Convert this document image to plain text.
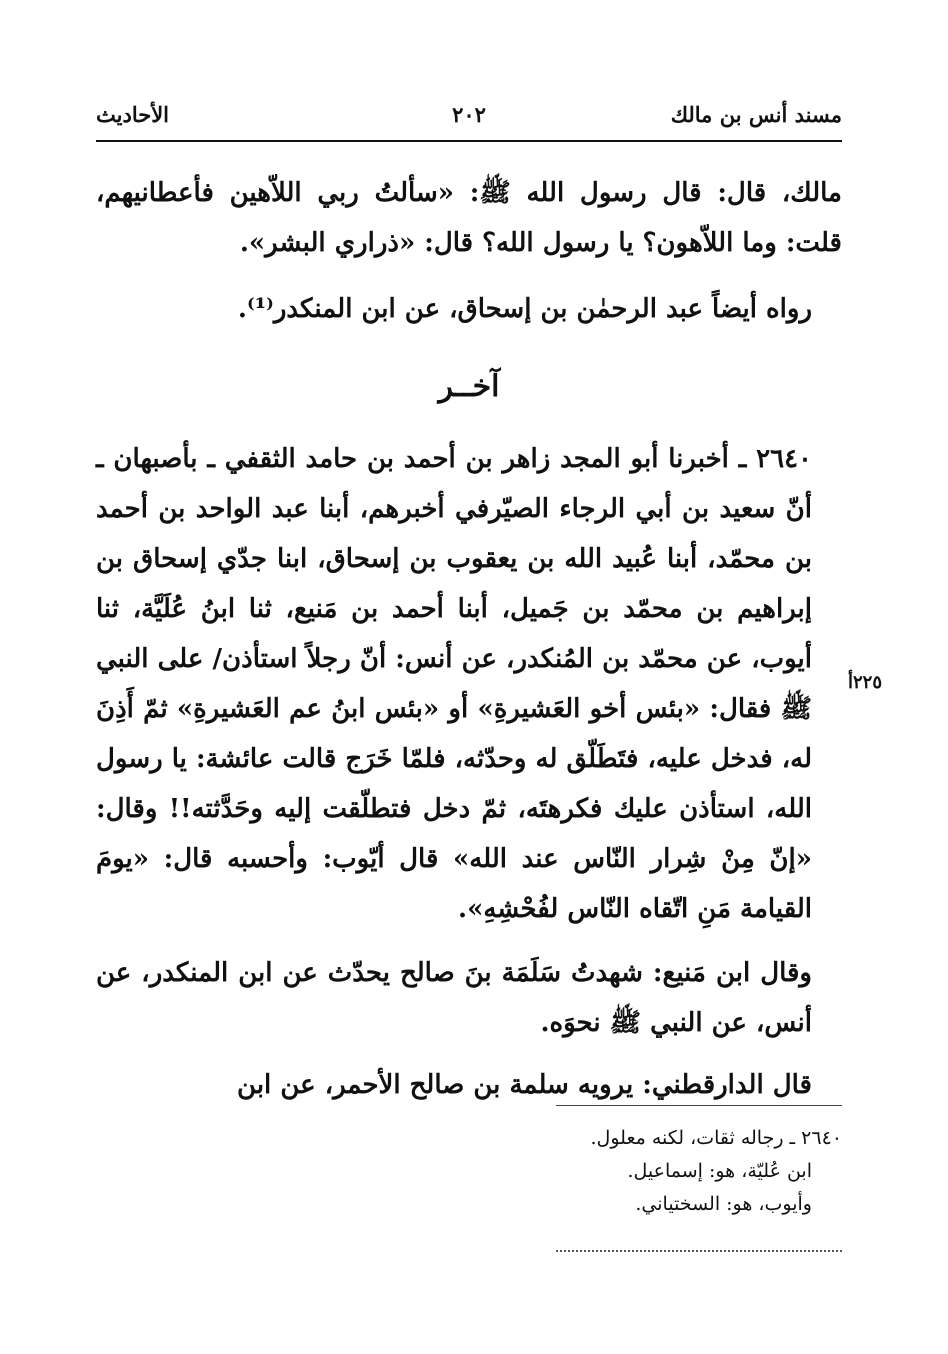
مسند أنس بن مالك
٢٠٢
الأحاديث

مالك، قال: قال رسول الله ﷺ: «سألتُ ربي اللاّهين فأعطانيهم، قلت: وما اللاّهون؟ يا رسول الله؟ قال: «ذراري البشر».

رواه أيضاً عبد الرحمٰن بن إسحاق، عن ابن المنكدر⁽¹⁾.

آخــر

٢٦٤٠ ـ أخبرنا أبو المجد زاهر بن أحمد بن حامد الثقفي ـ بأصبهان ـ أنّ سعيد بن أبي الرجاء الصيّرفي أخبرهم، أبنا عبد الواحد بن أحمد بن محمّد، أبنا عُبيد الله بن يعقوب بن إسحاق، ابنا جدّي إسحاق بن إبراهيم بن محمّد بن جَميل، أبنا أحمد بن مَنيع، ثنا ابنُ عُلَيَّة، ثنا أيوب، عن محمّد بن المُنكدر، عن أنس: أنّ رجلاً استأذن/ على النبي ﷺ فقال: «بئس أخو العَشيرةِ» أو «بئس ابنُ عم العَشيرةِ» ثمّ أَذِنَ له، فدخل عليه، فتَطَلّق له وحدّثه، فلمّا خَرَج قالت عائشة: يا رسول الله، استأذن عليك فكرهتَه، ثمّ دخل فتطلّقت إليه وحَدَّثته!! وقال: «إنّ مِنْ شِرار النّاس عند الله» قال أيّوب: وأحسبه قال: «يومَ القيامة مَنِ اتّقاه النّاس لفُحْشِهِ».

وقال ابن مَنيع: شهدتُ سَلَمَة بنَ صالح يحدّث عن ابن المنكدر، عن أنس، عن النبي ﷺ نحوَه.

قال الدارقطني: يرويه سلمة بن صالح الأحمر، عن ابن

٢٢٥أ
٢٦٤٠ ـ رجاله ثقات، لكنه معلول.
ابن عُليّة، هو: إسماعيل.
وأيوب، هو: السختياني.
